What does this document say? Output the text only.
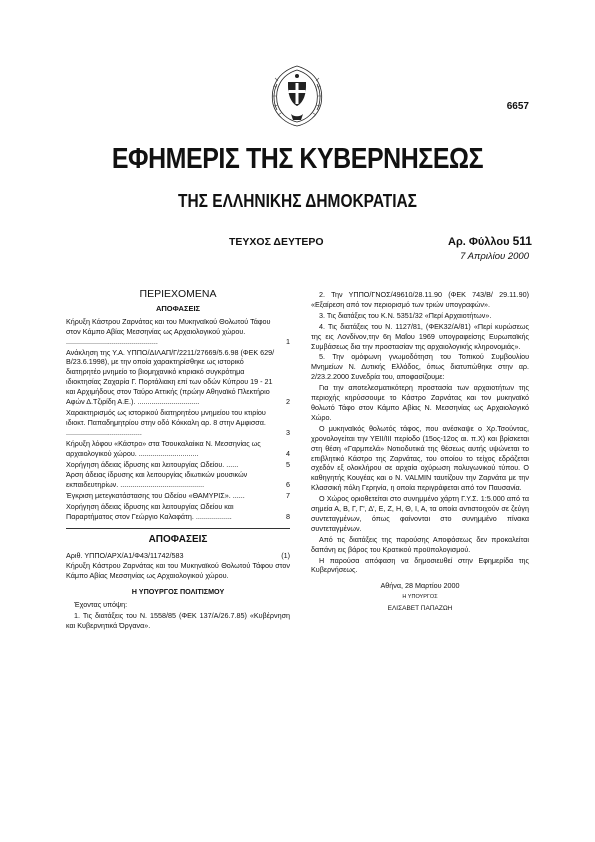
6657
ΕΦΗΜΕΡΙΣ ΤΗΣ ΚΥΒΕΡΝΗΣΕΩΣ
ΤΗΣ ΕΛΛΗΝΙΚΗΣ ΔΗΜΟΚΡΑΤΙΑΣ
ΤΕΥΧΟΣ ΔΕΥΤΕΡΟ	Αρ. Φύλλου 511
7 Απριλίου 2000
ΠΕΡΙΕΧΟΜΕΝΑ
ΑΠΟΦΑΣΕΙΣ
Κήρυξη Κάστρου Ζαρνάτας και του Μυκηναϊκού Θολωτού Τάφου στον Κάμπο Αβίας Μεσσηνίας ως Αρχαιολογικού χώρου. ..............................................	1
Ανάκληση της Υ.Α. ΥΠΠΟ/ΔΙΛΑΠ/Γ/2211/27669/5.6.98 (ΦΕΚ 629/Β/23.6.1998), με την οποία χαρακτηρίσθηκε ως ιστορικό διατηρητέο μνημείο το βιομηχανικό κτιριακό συγκρότημα ιδιοκτησίας Ζαχαρία Γ. Πορτάλιακη επί των οδών Κύπρου 19 - 21 και Αρχιμήδους στον Ταύρο Αττικής (πρώην Αθηναϊκό Πλεκτήριο Αφών Δ.Τζιρίδη Α.Ε.). ...............................	2
Χαρακτηρισμός ως ιστορικού διατηρητέου μνημείου του κτιρίου ιδιοκτ. Παπαδημητρίου στην οδό Κόκκαλη αρ. 8 στην Αμφισσα. ......................................	3
Κήρυξη λόφου «Κάστρο» στα Τσουκαλαίικα Ν. Μεσσηνίας ως αρχαιολογικού χώρου. ..............................	4
Χορήγηση άδειας ίδρυσης και λειτουργίας Ωδείου. ......	5
Άρση άδειας ίδρυσης και λειτουργίας ιδιωτικών μουσικών εκπαιδευτηρίων. ..........................................	6
Έγκριση μετεγκατάστασης του Ωδείου «ΘΑΜΥΡΙΣ». ......	7
Χορήγηση άδειας ίδρυσης και λειτουργίας Ωδείου και Παραρτήματος στον Γεώργιο Καλαφάτη. ..................	8
ΑΠΟΦΑΣΕΙΣ
Αριθ. ΥΠΠΟ/ΑΡΧ/Α1/Φ43/11742/583	(1)

Κήρυξη Κάστρου Ζαρνάτας και του Μυκηναϊκού Θολωτού Τάφου στον Κάμπο Αβίας Μεσσηνίας ως Αρχαιολογικού χώρου.

Η ΥΠΟΥΡΓΟΣ ΠΟΛΙΤΙΣΜΟΥ

Έχοντας υπόψη:

1. Τις διατάξεις του Ν. 1558/85 (ΦΕΚ 137/Α/26.7.85) «Κυβέρνηση και Κυβερνητικά Όργανα».

2. Την ΥΠΠΟ/ΓΝΟΣ/49610/28.11.90 (ΦΕΚ 743/Β/ 29.11.90) «Εξαίρεση από τον περιορισμό των τριών υπογραφών».

3. Τις διατάξεις του Κ.Ν. 5351/32 «Περί Αρχαιοτήτων».

4. Τις διατάξεις του Ν. 1127/81, (ΦΕΚ32/Α/81) «Περί κυρώσεως της εις Λονδίνον,την 6η Μαΐου 1969 υπογραφείσης Ευρωπαϊκής Συμβάσεως δια την προστασίαν της αρχαιολογικής κληρονομιάς».

5. Την ομόφωνη γνωμοδότηση του Τοπικού Συμβουλίου Μνημείων Ν. Δυτικής Ελλάδος, όπως διατυπώθηκε στην αρ. 2/23.2.2000 Συνεδρία του, αποφασίζουμε:

Για την αποτελεσματικότερη προστασία των αρχαιοτήτων της περιοχής κηρύσσουμε το Κάστρο Ζαρνάτας και τον μυκηναϊκό θολωτό Τάφο στον Κάμπο Αβίας Ν. Μεσσηνίας ως Αρχαιολογικό Χώρο.

Ο μυκηναϊκός θολωτός τάφος, που ανέσκαψε ο Χρ.Τσούντας, χρονολογείται την ΥΕΙΙ/ΙΙΙ περίοδο (15ος-12ος αι. π.Χ) και βρίσκεται στη θέση «Γαρμπελά» Νοτιοδυτικά της θέσεως αυτής υψώνεται το επιβλητικό Κάστρο της Ζαρνάτας, του οποίου το τείχος εδράζεται σχεδόν εξ ολοκλήρου σε αρχαία οχύρωση πολυγωνικού τύπου. Ο καθηγητής Κουγέας και ο N. VALMIN ταυτίζουν την Ζαρνάτα με την Κλασσική πόλη Γερηνία, η οποία περιγράφεται από τον Παυσανία.

Ο Χώρος οριοθετείται στο συνημμένο χάρτη Γ.Υ.Σ. 1:5.000 από τα σημεία Α, Β, Γ, Γ', Δ', Ε, Ζ, Η, Θ, Ι, Α, τα οποία αντιστοιχούν σε ζεύγη συντεταγμένων, όπως φαίνονται στο συνημμένο πίνακα συντεταγμένων.

Από τις διατάξεις της παρούσης Αποφάσεως δεν προκαλείται δαπάνη εις βάρος του Κρατικού προϋπολογισμού.

Η παρούσα απόφαση να δημοσιευθεί στην Εφημερίδα της Κυβερνήσεως.

Αθήνα, 28 Μαρτίου 2000
Η ΥΠΟΥΡΓΟΣ
ΕΛΙΣΑΒΕΤ ΠΑΠΑΖΩΗ
